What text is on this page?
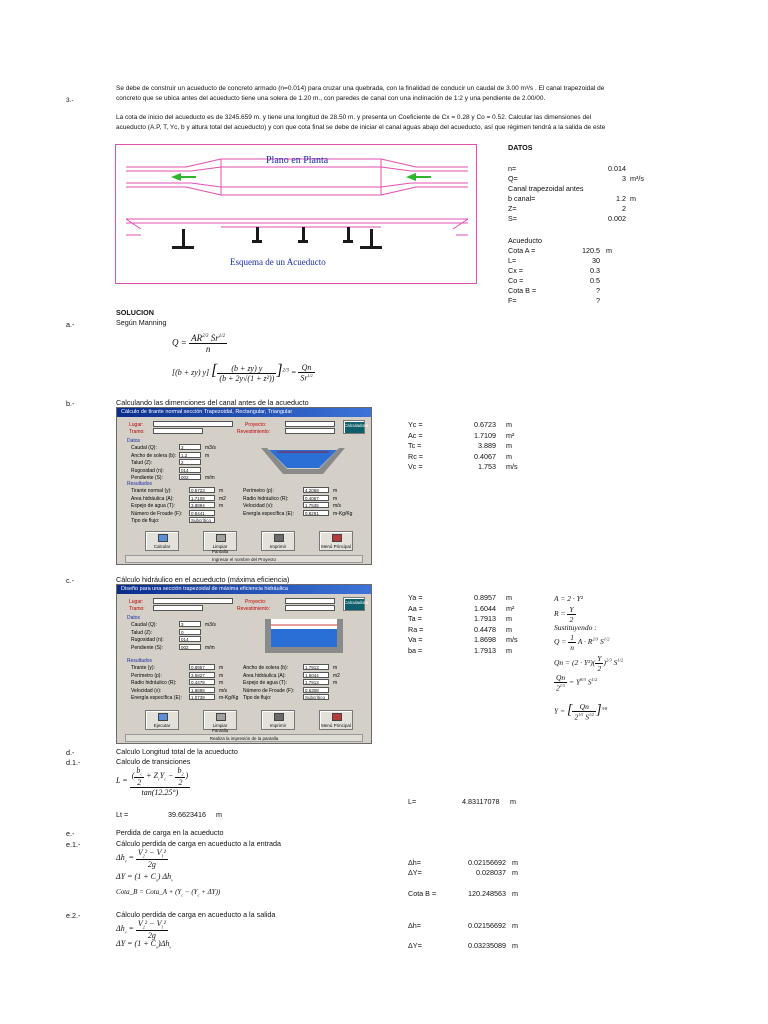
3.-
Se debe de construir un acueducto de concreto armado (n=0.014) para cruzar una quebrada, con la finalidad de conducir un caudal de 3.00 m³/s . El canal trapezoidal de
concreto que se ubica antes del acueducto tiene una solera de 1.20 m., con paredes de canal con una inclinación de 1:2 y una pendiente de 2.00/00.
La cota de inicio del acueducto es de 3245.659 m. y tiene una longitud de 28.50 m. y presenta un Coeficiente de Cx = 0.28 y Co = 0.52. Calcular las dimensiones del
acueducto (A.P, T, Yc, b y altura total del acueducto) y con que cota final se debe de iniciar el canal aguas abajo del acueducto, así que régimen tendrá a la salida de este
Plano en Planta
Esquema de un Acueducto
DATOS
n=	0.014
Q=	3 m³/s
Canal trapezoidal antes
b canal=	1.2 m
Z=	2
S=	0.002
Acueducto
Cota A =	120.5 m
L=	30
Cx =	0.3
Co =	0.5
Cota B =	?
F=	?
SOLUCION
a.-	Según Manning
$Q = \frac{AR^{2/3} Sr^{1/2}}{n}$
[(b + zy) y] [ $\frac{(b + zy) y}{\text{(b + 2y√(1 + z²))}} ]^{2/3} = \frac{Qn}{Sr^{1/2}}$
b.-	Calculando las dimenciones del canal antes de la acueducto
Cálculo de tirante normal sección Trapezoidal, Rectangular, Triangular
Lugar:
Tramo:
Proyecto:
Revestimiento:
Calculadora
Datos
Caudal (Q):	3	m3/s
Ancho de solera (b):	1.2	m
Talud (Z):	2
Rugosidad (n):	014
Pendiente (S):	002	m/m
Resultados
Tirante normal (y):	0.6723	m
Area hidráulica (A):	1.7109	m2
Espejo de agua (T):	3.8894	m
Número de Froude (F):	0.8441
Tipo de flujo:	Subcrítico
Perímetro (p):	4.2068	m
Radio hidráulico (R):	0.4067	m
Velocidad (v):	1.7535	m/s
Energía específica (E):	0.8291	m-Kg/Kg
Calcular	Limpiar Pantalla
Imprimir	Menú Principal
Ingresar el nombre del Proyecto
Yc =	0.6723 m
Ac =	1.7109 m²
Tc =	3.889 m
Rc =	0.4067 m
Vc =	1.753 m/s
c.-	Cálculo hidráulico en el acueducto (máxima eficiencia)
Diseño para una sección trapezoidal de máxima eficiencia hidráulica
Lugar:
Tramo:
Proyecto:
Revestimiento:
Calculadora
Datos
Caudal (Q):	3	m3/s
Talud (Z):	0
Rugosidad (n):	014
Pendiente (S):	002	m/m
Resultados
Tirante (y):	0.8957	m
Perímetro (p):	3.5827	m
Radio hidráulico (R):	0.4478	m
Velocidad (v):	1.8698	m/s
Energía específica (E):	1.0739	m-Kg/Kg
Ancho de solera (b):	1.7913	m
Area hidráulica (A):	1.6044	m2
Espejo de agua (T):	1.7913	m
Número de Froude (F):	0.6308
Tipo de flujo:	Subcrítico
Ejecutar	Limpiar Pantalla
Imprimir	Menú Principal
Realiza la impresión de la pantalla
Ya =	0.8957 m
Aa =	1.6044 m²
Ta =	1.7913 m
Ra =	0.4478 m
Va =	1.8698 m/s
ba =	1.7913 m
A = 2 · Y²
$R = \frac{Y}{2}$
Sustituyendo :
$Q = \frac{1}{n}$ $A \cdot R^{2/3}$ $S^{1/2}$
$Qn = (2 \cdot Y^2)( \frac{Y}{2} )^{2/3}$ $S^{1/2}$
$\frac{Qn}{2^{1/3}} = Y^{8/3}$ $S^{1/2}$
Y = [ $\frac{Qn}{2^{1/3} S^{1/2}} ]^{3/8}$
d.-	Calculo Longitud total de la acueducto
d.1.-	Calculo de transiciones
$L = \frac{( \frac{b_c}{2} + Z_cY_c - \frac{b_2}{2} )}{\tan(12.25^\circ)}$
L=	4.83117078 m
Lt =	39.6623416 m
e.-	Perdida de carga en la acueducto
e.1.-	Cálculo perdida de carga en acueducto a la entrada
$\Delta h_v = \frac{V_2^2 - V_1^2}{2g}$
$\Delta Y = (1 + C_x)$ $\Delta h_v$
Cota_B = Cota_A + $(Y_c - (Y_c + \Delta Y))$
Δh=	0.02156692 m
ΔY=	0.028037 m
Cota B =	120.248563 m
e.2.-	Cálculo perdida de carga en acueducto a la salida
$\Delta h_v = \frac{V_2^2 - V_1^2}{2g}$
$\Delta Y = (1 + C_o)\Delta h_v$
Δh=	0.02156692 m
ΔY=	0.03235089 m
